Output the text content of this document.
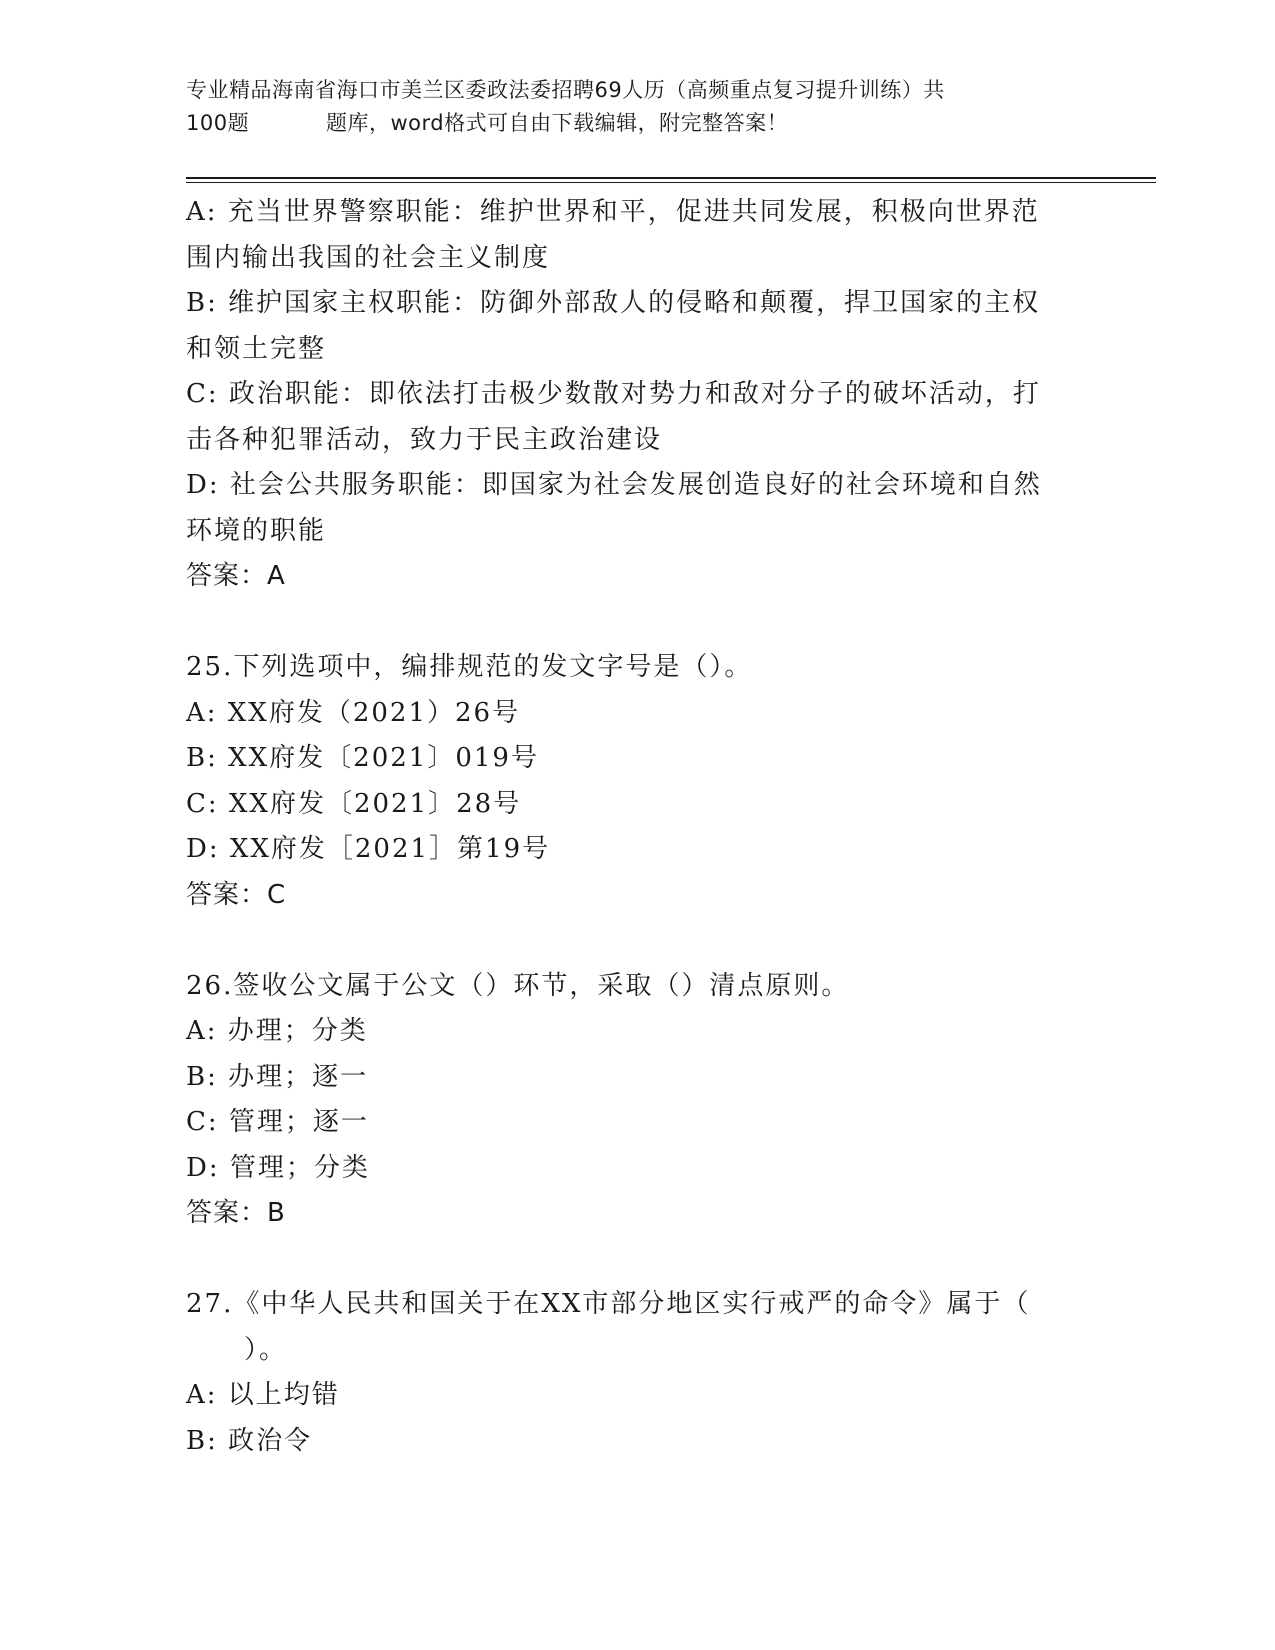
专业精品海南省海口市美兰区委政法委招聘69人历（高频重点复习提升训练）共
100题	题库，word格式可自由下载编辑，附完整答案！

A: 充当世界警察职能：维护世界和平，促进共同发展，积极向世界范

围内输出我国的社会主义制度

B: 维护国家主权职能：防御外部敌人的侵略和颠覆，捍卫国家的主权

和领土完整

C: 政治职能：即依法打击极少数散对势力和敌对分子的破坏活动，打

击各种犯罪活动，致力于民主政治建设

D: 社会公共服务职能：即国家为社会发展创造良好的社会环境和自然

环境的职能

答案：A

25.下列选项中，编排规范的发文字号是（）。

A: XX府发（2021）26号

B: XX府发〔2021〕019号

C: XX府发〔2021〕28号

D: XX府发［2021］第19号

答案：C

26.签收公文属于公文（）环节，采取（）清点原则。

A: 办理；分类

B: 办理；逐一

C: 管理；逐一

D: 管理；分类

答案：B

27.《中华人民共和国关于在XX市部分地区实行戒严的命令》属于（

）。

A: 以上均错

B: 政治令
